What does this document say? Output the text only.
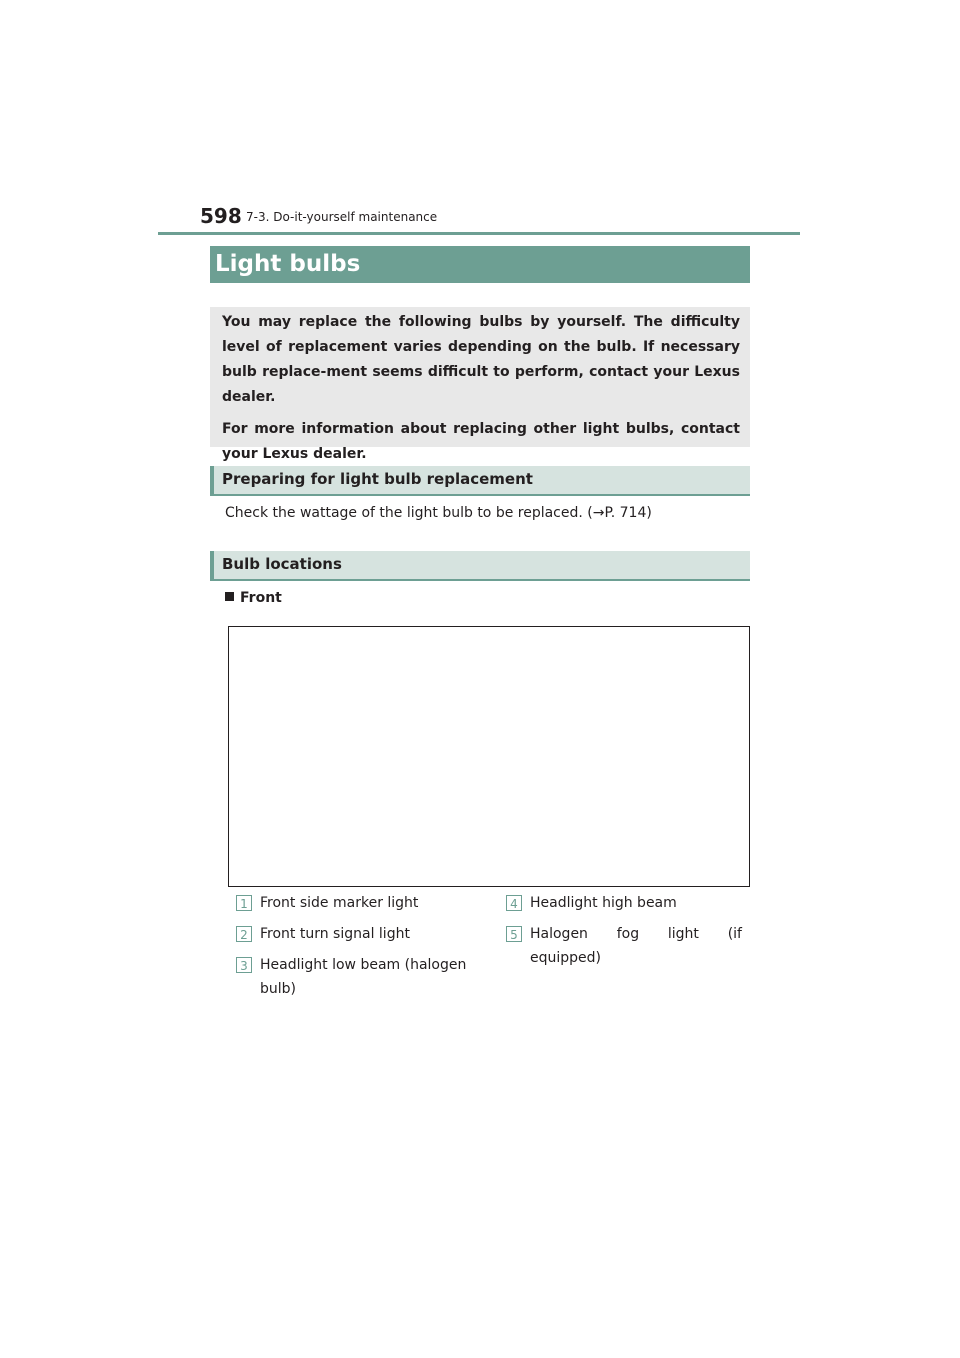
598 7-3. Do-it-yourself maintenance
Light bulbs

You may replace the following bulbs by yourself. The difficulty level of replacement varies depending on the bulb. If necessary bulb replace-ment seems difficult to perform, contact your Lexus dealer.

For more information about replacing other light bulbs, contact your Lexus dealer.

Preparing for light bulb replacement
Check the wattage of the light bulb to be replaced. (→P. 714)
Bulb locations
Front
1 Front side marker light
2 Front turn signal light
3 Headlight low beam (halogen bulb)
4 Headlight high beam
5 Halogen fog light (if equipped)
